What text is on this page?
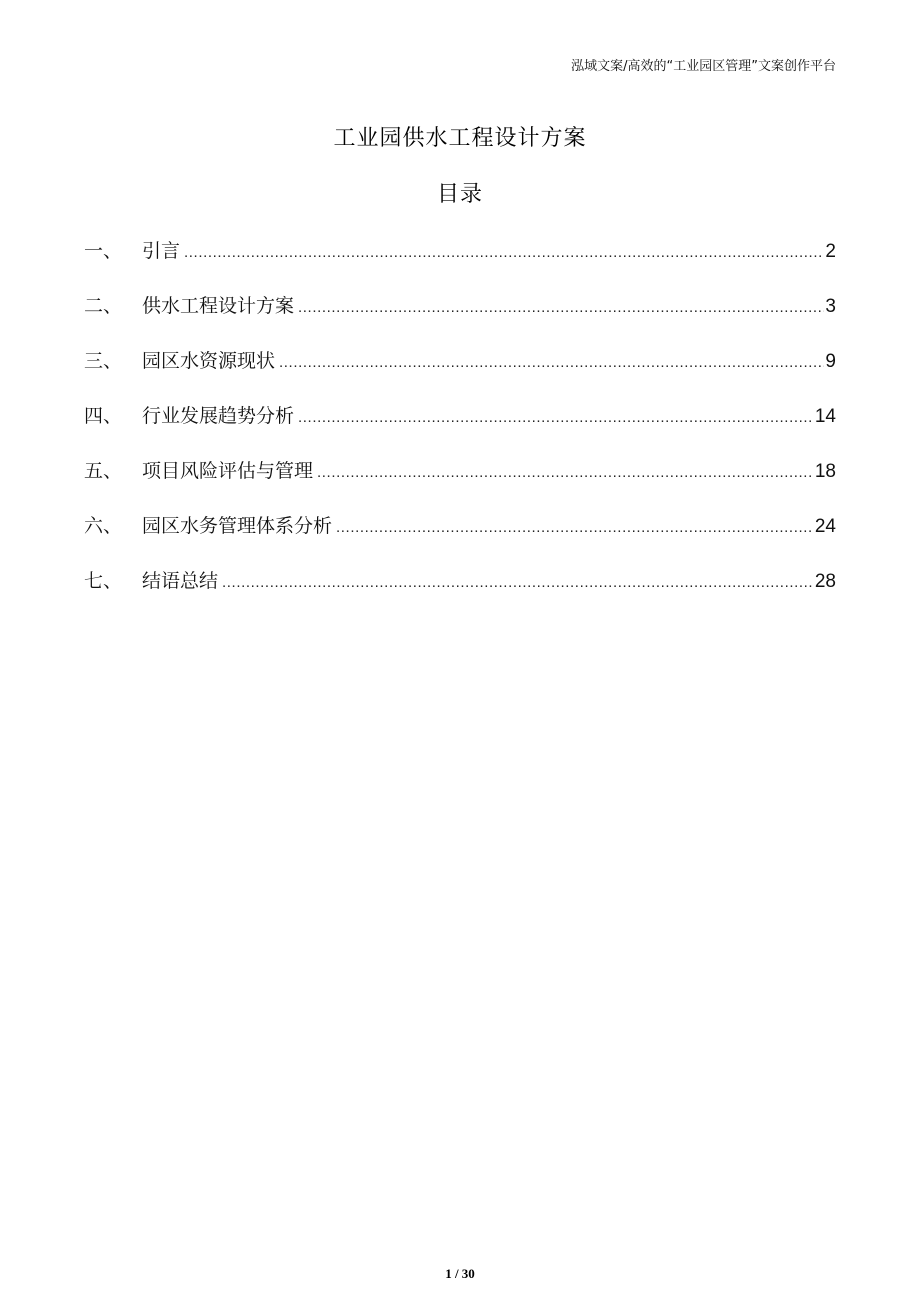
泓域文案/高效的“工业园区管理”文案创作平台
工业园供水工程设计方案
目录
一、	引言 .....	2
二、	供水工程设计方案 .....	3
三、	园区水资源现状 .....	9
四、	行业发展趋势分析 .....	14
五、	项目风险评估与管理 .....	18
六、	园区水务管理体系分析 .....	24
七、	结语总结 .....	28
1 / 30
